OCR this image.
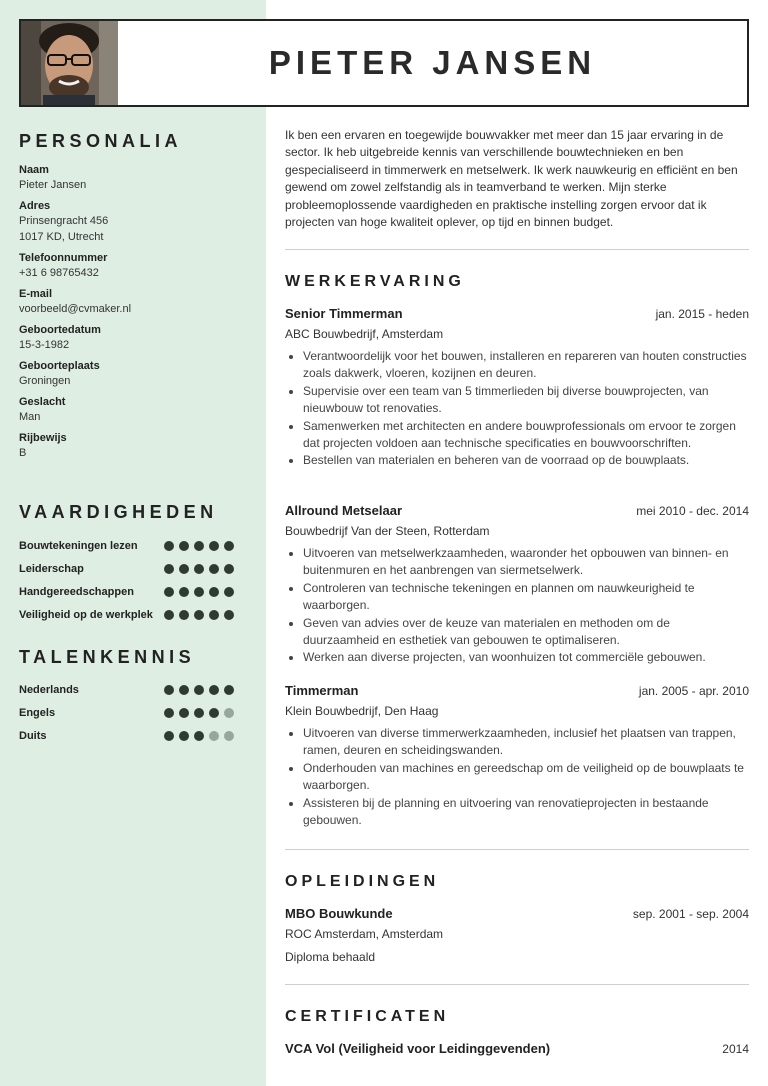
PIETER JANSEN
PERSONALIA
Naam
Pieter Jansen
Adres
Prinsengracht 456
1017 KD, Utrecht
Telefoonnummer
+31 6 98765432
E-mail
voorbeeld@cvmaker.nl
Geboortedatum
15-3-1982
Geboorteplaats
Groningen
Geslacht
Man
Rijbewijs
B
VAARDIGHEDEN
Bouwtekeningen lezen
Leiderschap
Handgereedschappen
Veiligheid op de werkplek
TALENKENNIS
Nederlands
Engels
Duits
Ik ben een ervaren en toegewijde bouwvakker met meer dan 15 jaar ervaring in de sector. Ik heb uitgebreide kennis van verschillende bouwtechnieken en ben gespecialiseerd in timmerwerk en metselwerk. Ik werk nauwkeurig en efficiënt en ben gewend om zowel zelfstandig als in teamverband te werken. Mijn sterke probleemoplossende vaardigheden en praktische instelling zorgen ervoor dat ik projecten van hoge kwaliteit oplever, op tijd en binnen budget.
WERKERVARING
Senior Timmerman	jan. 2015 - heden
ABC Bouwbedrijf, Amsterdam
• Verantwoordelijk voor het bouwen, installeren en repareren van houten constructies zoals dakwerk, vloeren, kozijnen en deuren.
• Supervisie over een team van 5 timmerlieden bij diverse bouwprojecten, van nieuwbouw tot renovaties.
• Samenwerken met architecten en andere bouwprofessionals om ervoor te zorgen dat projecten voldoen aan technische specificaties en bouwvoorschriften.
• Bestellen van materialen en beheren van de voorraad op de bouwplaats.
Allround Metselaar	mei 2010 - dec. 2014
Bouwbedrijf Van der Steen, Rotterdam
• Uitvoeren van metselwerkzaamheden, waaronder het opbouwen van binnen- en buitenmuren en het aanbrengen van siermetselwerk.
• Controleren van technische tekeningen en plannen om nauwkeurigheid te waarborgen.
• Geven van advies over de keuze van materialen en methoden om de duurzaamheid en esthetiek van gebouwen te optimaliseren.
• Werken aan diverse projecten, van woonhuizen tot commerciële gebouwen.
Timmerman	jan. 2005 - apr. 2010
Klein Bouwbedrijf, Den Haag
• Uitvoeren van diverse timmerwerkzaamheden, inclusief het plaatsen van trappen, ramen, deuren en scheidingswanden.
• Onderhouden van machines en gereedschap om de veiligheid op de bouwplaats te waarborgen.
• Assisteren bij de planning en uitvoering van renovatieprojecten in bestaande gebouwen.
OPLEIDINGEN
MBO Bouwkunde	sep. 2001 - sep. 2004
ROC Amsterdam, Amsterdam
Diploma behaald
CERTIFICATEN
VCA Vol (Veiligheid voor Leidinggevenden)	2014
